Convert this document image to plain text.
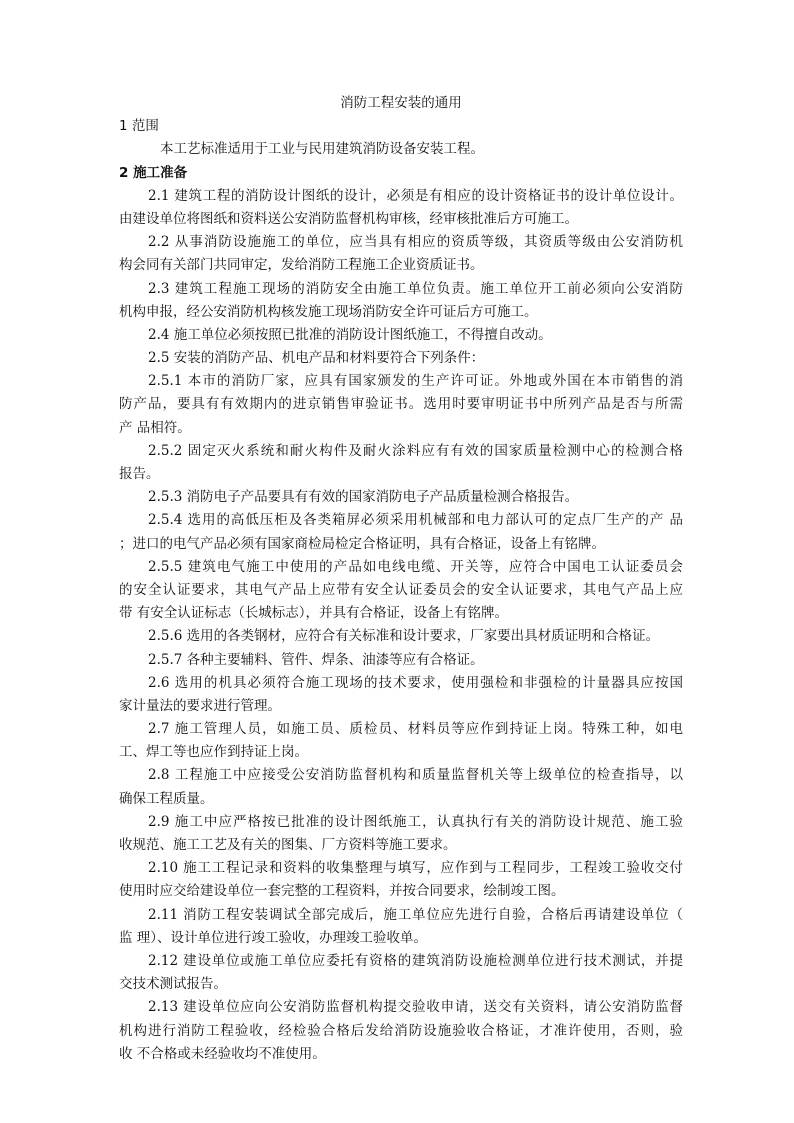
消防工程安装的通用
1 范围
本工艺标准适用于工业与民用建筑消防设备安装工程。
2 施工准备
2.1 建筑工程的消防设计图纸的设计，必须是有相应的设计资格证书的设计单位设计。
由建设单位将图纸和资料送公安消防监督机构审核，经审核批准后方可施工。
2.2 从事消防设施施工的单位，应当具有相应的资质等级，其资质等级由公安消防机
构会同有关部门共同审定，发给消防工程施工企业资质证书。
2.3 建筑工程施工现场的消防安全由施工单位负责。施工单位开工前必须向公安消防
机构申报，经公安消防机构核发施工现场消防安全许可证后方可施工。
2.4 施工单位必须按照已批准的消防设计图纸施工，不得擅自改动。
2.5 安装的消防产品、机电产品和材料要符合下列条件：
2.5.1 本市的消防厂家，应具有国家颁发的生产许可证。外地或外国在本市销售的消
防产品，要具有有效期内的进京销售审验证书。选用时要审明证书中所列产品是否与所需
产 品相符。
2.5.2 固定灭火系统和耐火构件及耐火涂料应有有效的国家质量检测中心的检测合格
报告。
2.5.3 消防电子产品要具有有效的国家消防电子产品质量检测合格报告。
2.5.4 选用的高低压柜及各类箱屏必须采用机械部和电力部认可的定点厂生产的产 品
；进口的电气产品必须有国家商检局检定合格证明，具有合格证，设备上有铭牌。
2.5.5 建筑电气施工中使用的产品如电线电缆、开关等，应符合中国电工认证委员会
的安全认证要求，其电气产品上应带有安全认证委员会的安全认证要求，其电气产品上应
带 有安全认证标志（长城标志），并具有合格证，设备上有铭牌。
2.5.6 选用的各类钢材，应符合有关标准和设计要求，厂家要出具材质证明和合格证。
2.5.7 各种主要辅料、管件、焊条、油漆等应有合格证。
2.6 选用的机具必须符合施工现场的技术要求，使用强检和非强检的计量器具应按国
家计量法的要求进行管理。
2.7 施工管理人员，如施工员、质检员、材料员等应作到持证上岗。特殊工种，如电
工、焊工等也应作到持证上岗。
2.8 工程施工中应接受公安消防监督机构和质量监督机关等上级单位的检查指导，以
确保工程质量。
2.9 施工中应严格按已批准的设计图纸施工，认真执行有关的消防设计规范、施工验
收规范、施工工艺及有关的图集、厂方资料等施工要求。
2.10 施工工程记录和资料的收集整理与填写，应作到与工程同步，工程竣工验收交付
使用时应交给建设单位一套完整的工程资料，并按合同要求，绘制竣工图。
2.11 消防工程安装调试全部完成后，施工单位应先进行自验，合格后再请建设单位（
监 理）、设计单位进行竣工验收，办理竣工验收单。
2.12 建设单位或施工单位应委托有资格的建筑消防设施检测单位进行技术测试，并提
交技术测试报告。
2.13 建设单位应向公安消防监督机构提交验收申请，送交有关资料，请公安消防监督
机构进行消防工程验收，经检验合格后发给消防设施验收合格证，才准许使用，否则，验
收 不合格或未经验收均不准使用。
